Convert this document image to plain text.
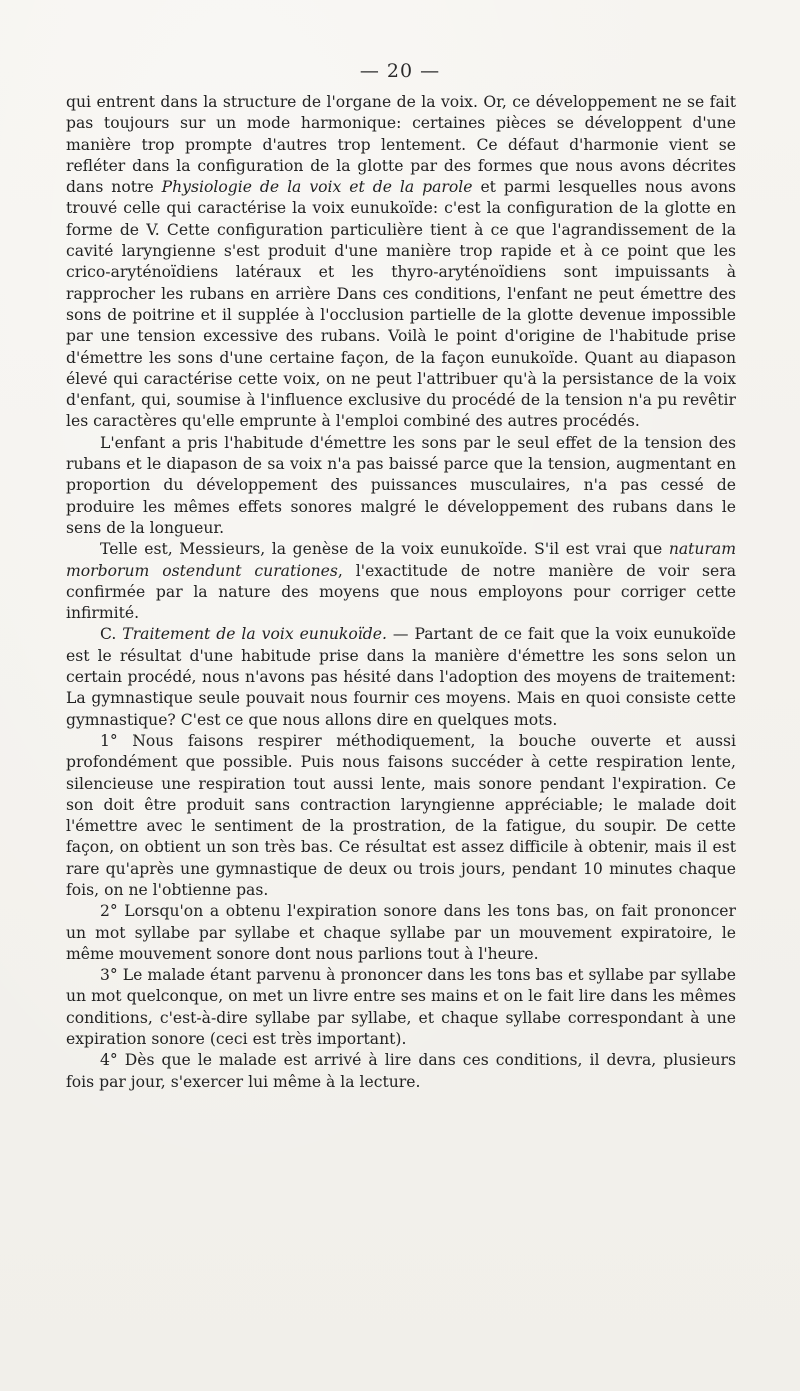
— 20 —

qui entrent dans la structure de l'organe de la voix. Or, ce développement ne se fait pas toujours sur un mode harmonique: certaines pièces se développent d'une manière trop prompte d'autres trop lentement. Ce défaut d'harmonie vient se refléter dans la configuration de la glotte par des formes que nous avons décrites dans notre Physiologie de la voix et de la parole et parmi lesquelles nous avons trouvé celle qui caractérise la voix eunukoïde: c'est la configuration de la glotte en forme de V. Cette configuration particulière tient à ce que l'agrandissement de la cavité laryngienne s'est produit d'une manière trop rapide et à ce point que les crico-aryténoïdiens latéraux et les thyro-aryténoïdiens sont impuissants à rapprocher les rubans en arrière Dans ces conditions, l'enfant ne peut émettre des sons de poitrine et il supplée à l'occlusion partielle de la glotte devenue impossible par une tension excessive des rubans. Voilà le point d'origine de l'habitude prise d'émettre les sons d'une certaine façon, de la façon eunukoïde. Quant au diapason élevé qui caractérise cette voix, on ne peut l'attribuer qu'à la persistance de la voix d'enfant, qui, soumise à l'influence exclusive du procédé de la tension n'a pu revêtir les caractères qu'elle emprunte à l'emploi combiné des autres procédés.

L'enfant a pris l'habitude d'émettre les sons par le seul effet de la tension des rubans et le diapason de sa voix n'a pas baissé parce que la tension, augmentant en proportion du développement des puissances musculaires, n'a pas cessé de produire les mêmes effets sonores malgré le développement des rubans dans le sens de la longueur.

Telle est, Messieurs, la genèse de la voix eunukoïde. S'il est vrai que naturam morborum ostendunt curationes, l'exactitude de notre manière de voir sera confirmée par la nature des moyens que nous employons pour corriger cette infirmité.

C. Traitement de la voix eunukoïde. — Partant de ce fait que la voix eunukoïde est le résultat d'une habitude prise dans la manière d'émettre les sons selon un certain procédé, nous n'avons pas hésité dans l'adoption des moyens de traitement: La gymnastique seule pouvait nous fournir ces moyens. Mais en quoi consiste cette gymnastique? C'est ce que nous allons dire en quelques mots.

1° Nous faisons respirer méthodiquement, la bouche ouverte et aussi profondément que possible. Puis nous faisons succéder à cette respiration lente, silencieuse une respiration tout aussi lente, mais sonore pendant l'expiration. Ce son doit être produit sans contraction laryngienne appréciable; le malade doit l'émettre avec le sentiment de la prostration, de la fatigue, du soupir. De cette façon, on obtient un son très bas. Ce résultat est assez difficile à obtenir, mais il est rare qu'après une gymnastique de deux ou trois jours, pendant 10 minutes chaque fois, on ne l'obtienne pas.

2° Lorsqu'on a obtenu l'expiration sonore dans les tons bas, on fait prononcer un mot syllabe par syllabe et chaque syllabe par un mouvement expiratoire, le même mouvement sonore dont nous parlions tout à l'heure.

3° Le malade étant parvenu à prononcer dans les tons bas et syllabe par syllabe un mot quelconque, on met un livre entre ses mains et on le fait lire dans les mêmes conditions, c'est-à-dire syllabe par syllabe, et chaque syllabe correspondant à une expiration sonore (ceci est très important).

4° Dès que le malade est arrivé à lire dans ces conditions, il devra, plusieurs fois par jour, s'exercer lui même à la lecture.
